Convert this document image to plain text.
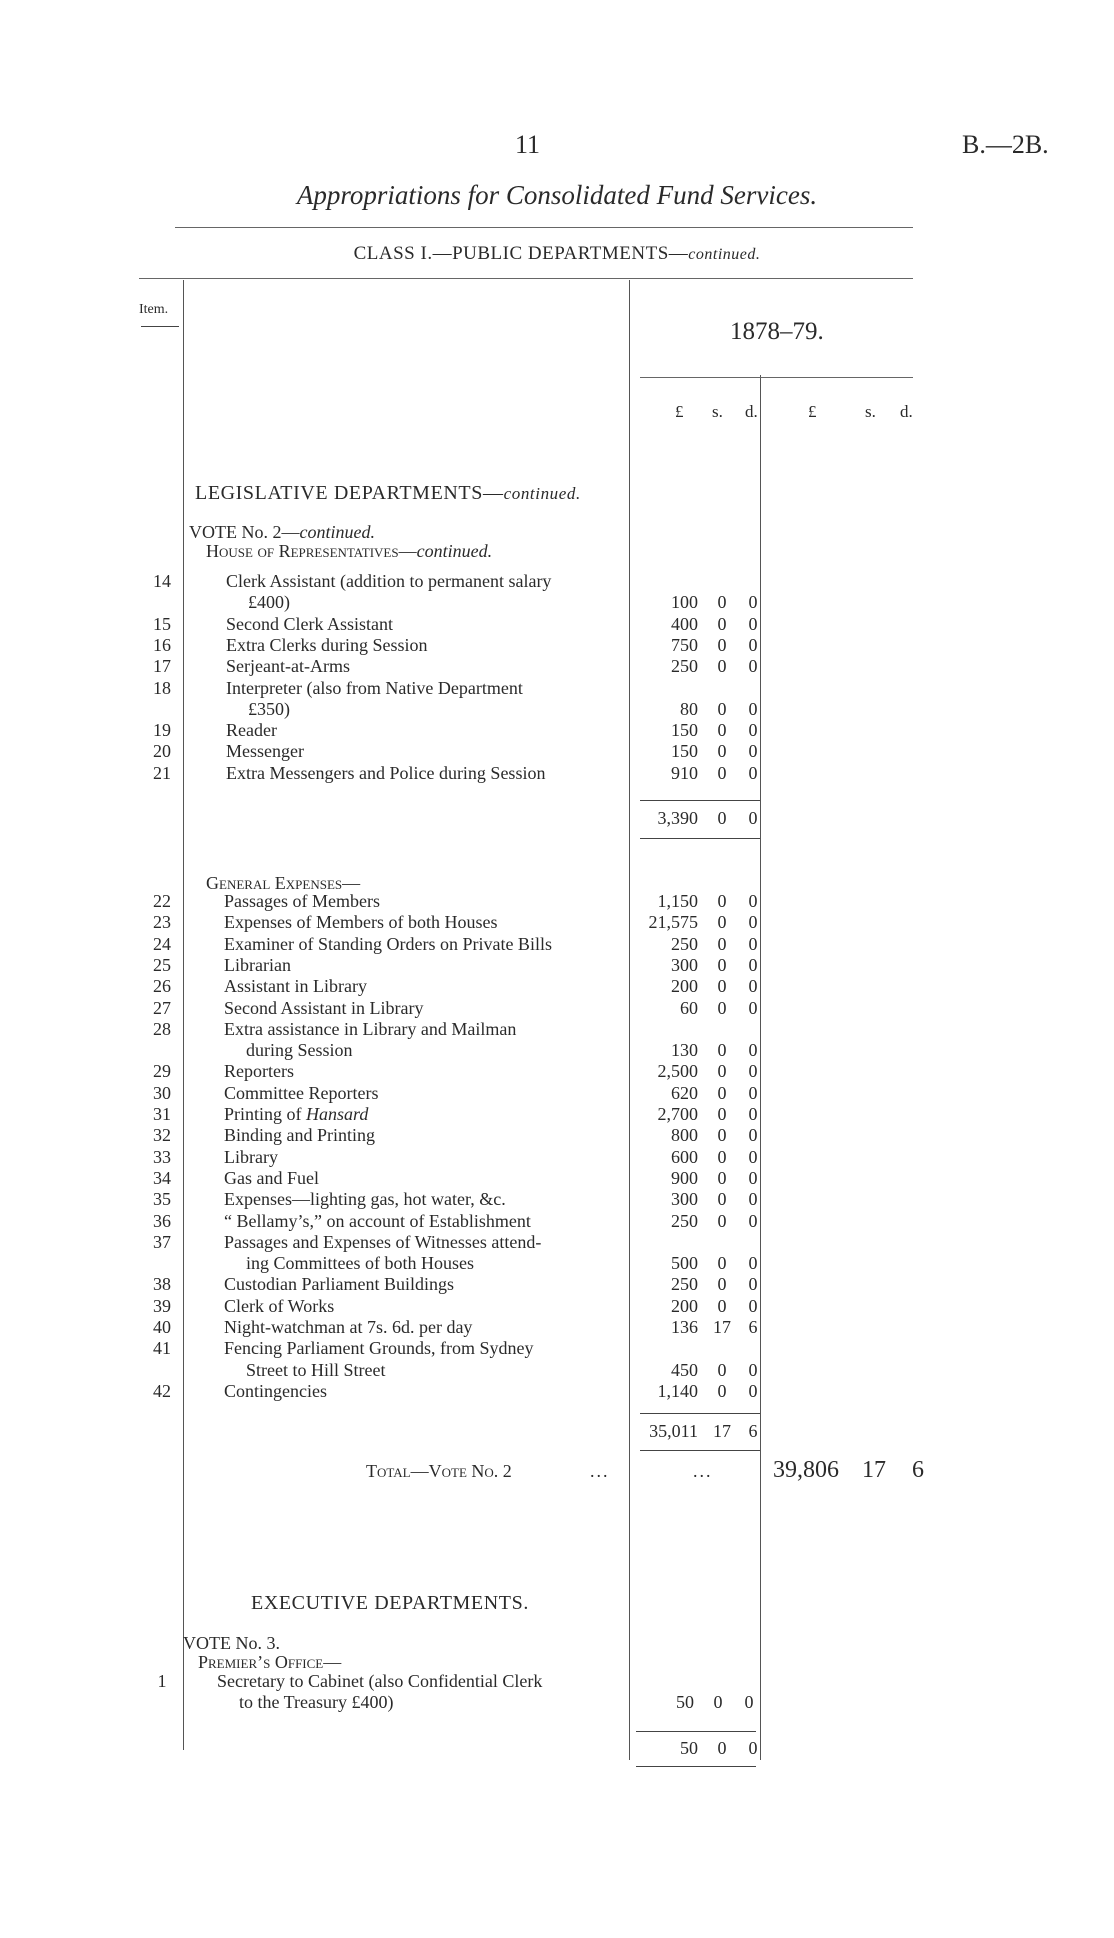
11	B.—2B.
Appropriations for Consolidated Fund Services.
CLASS I.—PUBLIC DEPARTMENTS—continued.
Item.
1878–79.
£ s. d.	£	s. d.
LEGISLATIVE DEPARTMENTS—continued.
VOTE No. 2—continued.
House of Representatives—continued.
14	Clerk Assistant (addition to permanent salary
£400)	100	0	0
15	Second Clerk Assistant	400	0	0
16	Extra Clerks during Session	750	0	0
17	Serjeant-at-Arms	250	0	0
18	Interpreter (also from Native Department
£350)	80	0	0
19	Reader	150	0	0
20	Messenger	150	0	0
21	Extra Messengers and Police during Session	910	0	0
3,390	0	0
General Expenses—
22	Passages of Members	1,150	0	0
23	Expenses of Members of both Houses	21,575	0	0
24	Examiner of Standing Orders on Private Bills	250	0	0
25	Librarian	300	0	0
26	Assistant in Library	200	0	0
27	Second Assistant in Library	60	0	0
28	Extra assistance in Library and Mailman
during Session	130	0	0
29	Reporters	2,500	0	0
30	Committee Reporters	620	0	0
31	Printing of Hansard	2,700	0	0
32	Binding and Printing	800	0	0
33	Library	600	0	0
34	Gas and Fuel	900	0	0
35	Expenses—lighting gas, hot water, &c.	300	0	0
36	“ Bellamy’s,” on account of Establishment	250	0	0
37	Passages and Expenses of Witnesses attend-
ing Committees of both Houses	500	0	0
38	Custodian Parliament Buildings	250	0	0
39	Clerk of Works	200	0	0
40	Night-watchman at 7s. 6d. per day	136 17 6
41	Fencing Parliament Grounds, from Sydney
Street to Hill Street	450	0	0
42	Contingencies	1,140	0	0
35,011 17 6
Total—Vote No. 2	...	...	39,806 17 6
EXECUTIVE DEPARTMENTS.
VOTE No. 3.
Premier’s Office—
1	Secretary to Cabinet (also Confidential Clerk
to the Treasury £400)	50	0	0
50	0	0
